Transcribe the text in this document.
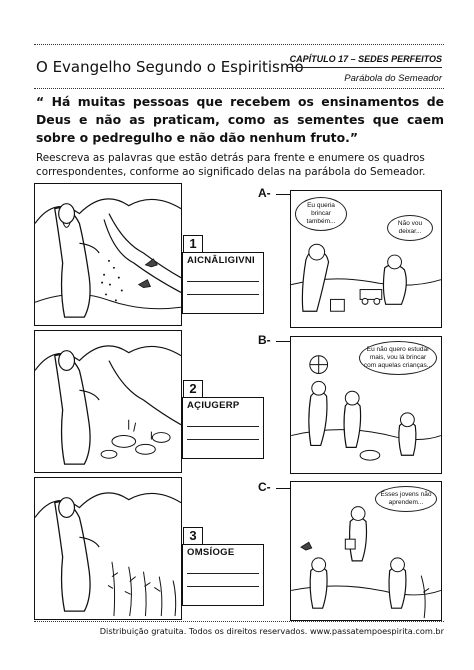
O Evangelho Segundo o Espiritismo
CAPÍTULO 17 – SEDES PERFEITOS
Parábola do Semeador
“ Há muitas pessoas que recebem os ensinamentos de Deus e não as praticam, como as sementes que caem sobre o pedregulho e não dão nenhum fruto.”
Reescreva as palavras que estão detrás para frente e enumere os quadros correspondentes, conforme ao significado delas na parábola do Semeador.
1
AICNÂLIGIVNI
2
AÇIUGERP
3
OMSÍOGE
A-
B-
C-
Eu queria brincar também...	Não vou deixar...
Eu não quero estudar mais, vou lá brincar com aquelas crianças...
Esses jovens não aprendem...
Distribuição gratuita. Todos os direitos reservados. www.passatempoespirita.com.br
